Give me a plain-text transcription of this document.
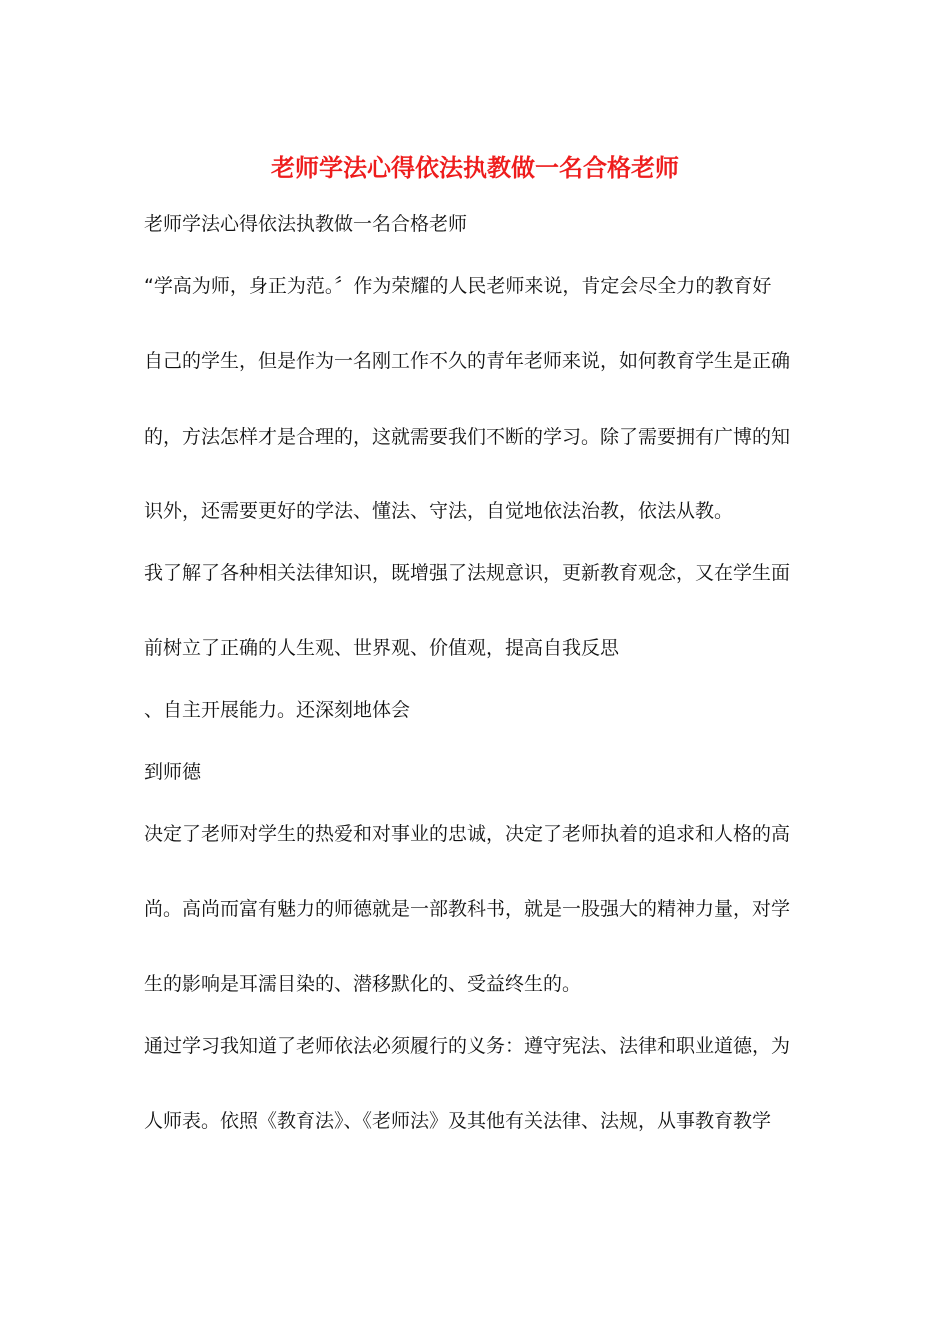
老师学法心得依法执教做一名合格老师
老师学法心得依法执教做一名合格老师
“学高为师，身正为范。〞作为荣耀的人民老师来说，肯定会尽全力的教育好
自己的学生，但是作为一名刚工作不久的青年老师来说，如何教育学生是正确
的，方法怎样才是合理的，这就需要我们不断的学习。除了需要拥有广博的知
识外，还需要更好的学法、懂法、守法，自觉地依法治教，依法从教。
我了解了各种相关法律知识，既增强了法规意识，更新教育观念，又在学生面
前树立了正确的人生观、世界观、价值观，提高自我反思
、自主开展能力。还深刻地体会
到师德
决定了老师对学生的热爱和对事业的忠诚，决定了老师执着的追求和人格的高
尚。高尚而富有魅力的师德就是一部教科书，就是一股强大的精神力量，对学
生的影响是耳濡目染的、潜移默化的、受益终生的。
通过学习我知道了老师依法必须履行的义务：遵守宪法、法律和职业道德，为
人师表。依照《教育法》、《老师法》及其他有关法律、法规，从事教育教学
